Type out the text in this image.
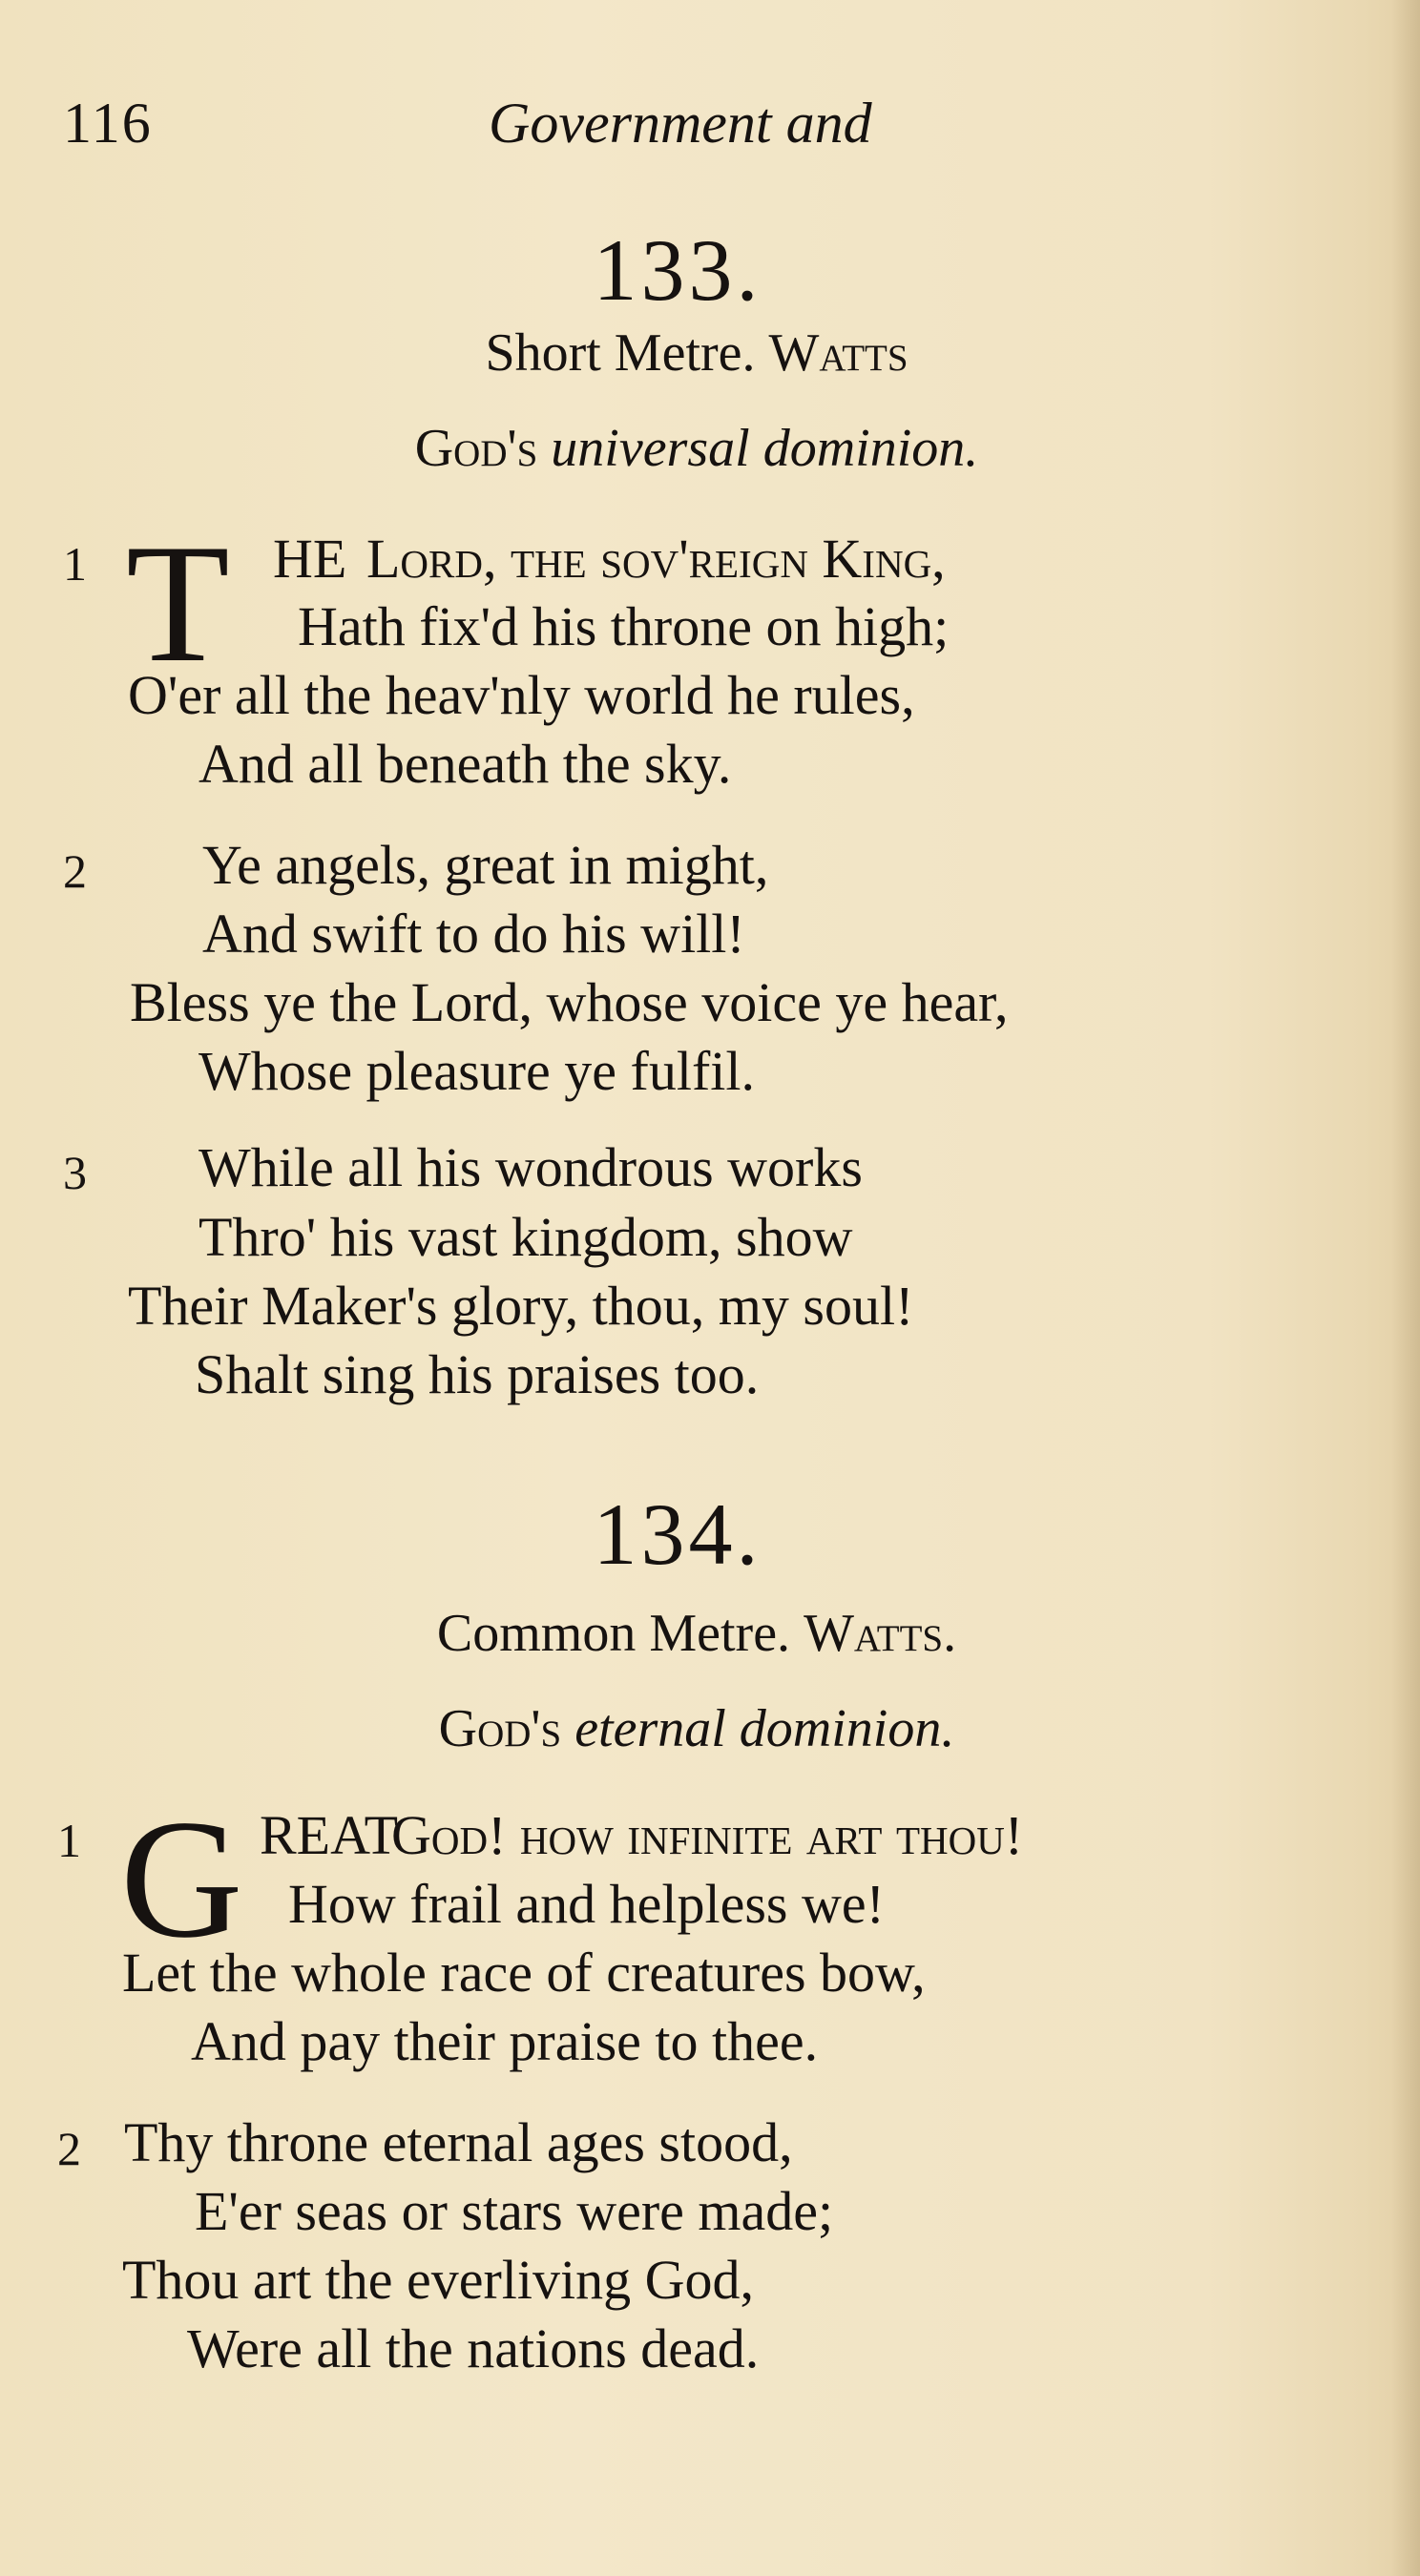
116	Government and
133.
Short Metre. Watts
God's universal dominion.
1 T HE Lord, the sov'reign King,
Hath fix'd his throne on high;
O'er all the heav'nly world he rules,
And all beneath the sky.
2 Ye angels, great in might,
And swift to do his will!
Bless ye the Lord, whose voice ye hear,
Whose pleasure ye fulfil.
3 While all his wondrous works
Thro' his vast kingdom, show
Their Maker's glory, thou, my soul!
Shalt sing his praises too.
134.
Common Metre. Watts.
God's eternal dominion.
1 G REAT
God! how infinite art thou!
How frail and helpless we!
Let the whole race of creatures bow,
And pay their praise to thee.
2 Thy throne eternal ages stood,
E'er seas or stars were made;
Thou art the everliving God,
Were all the nations dead.
